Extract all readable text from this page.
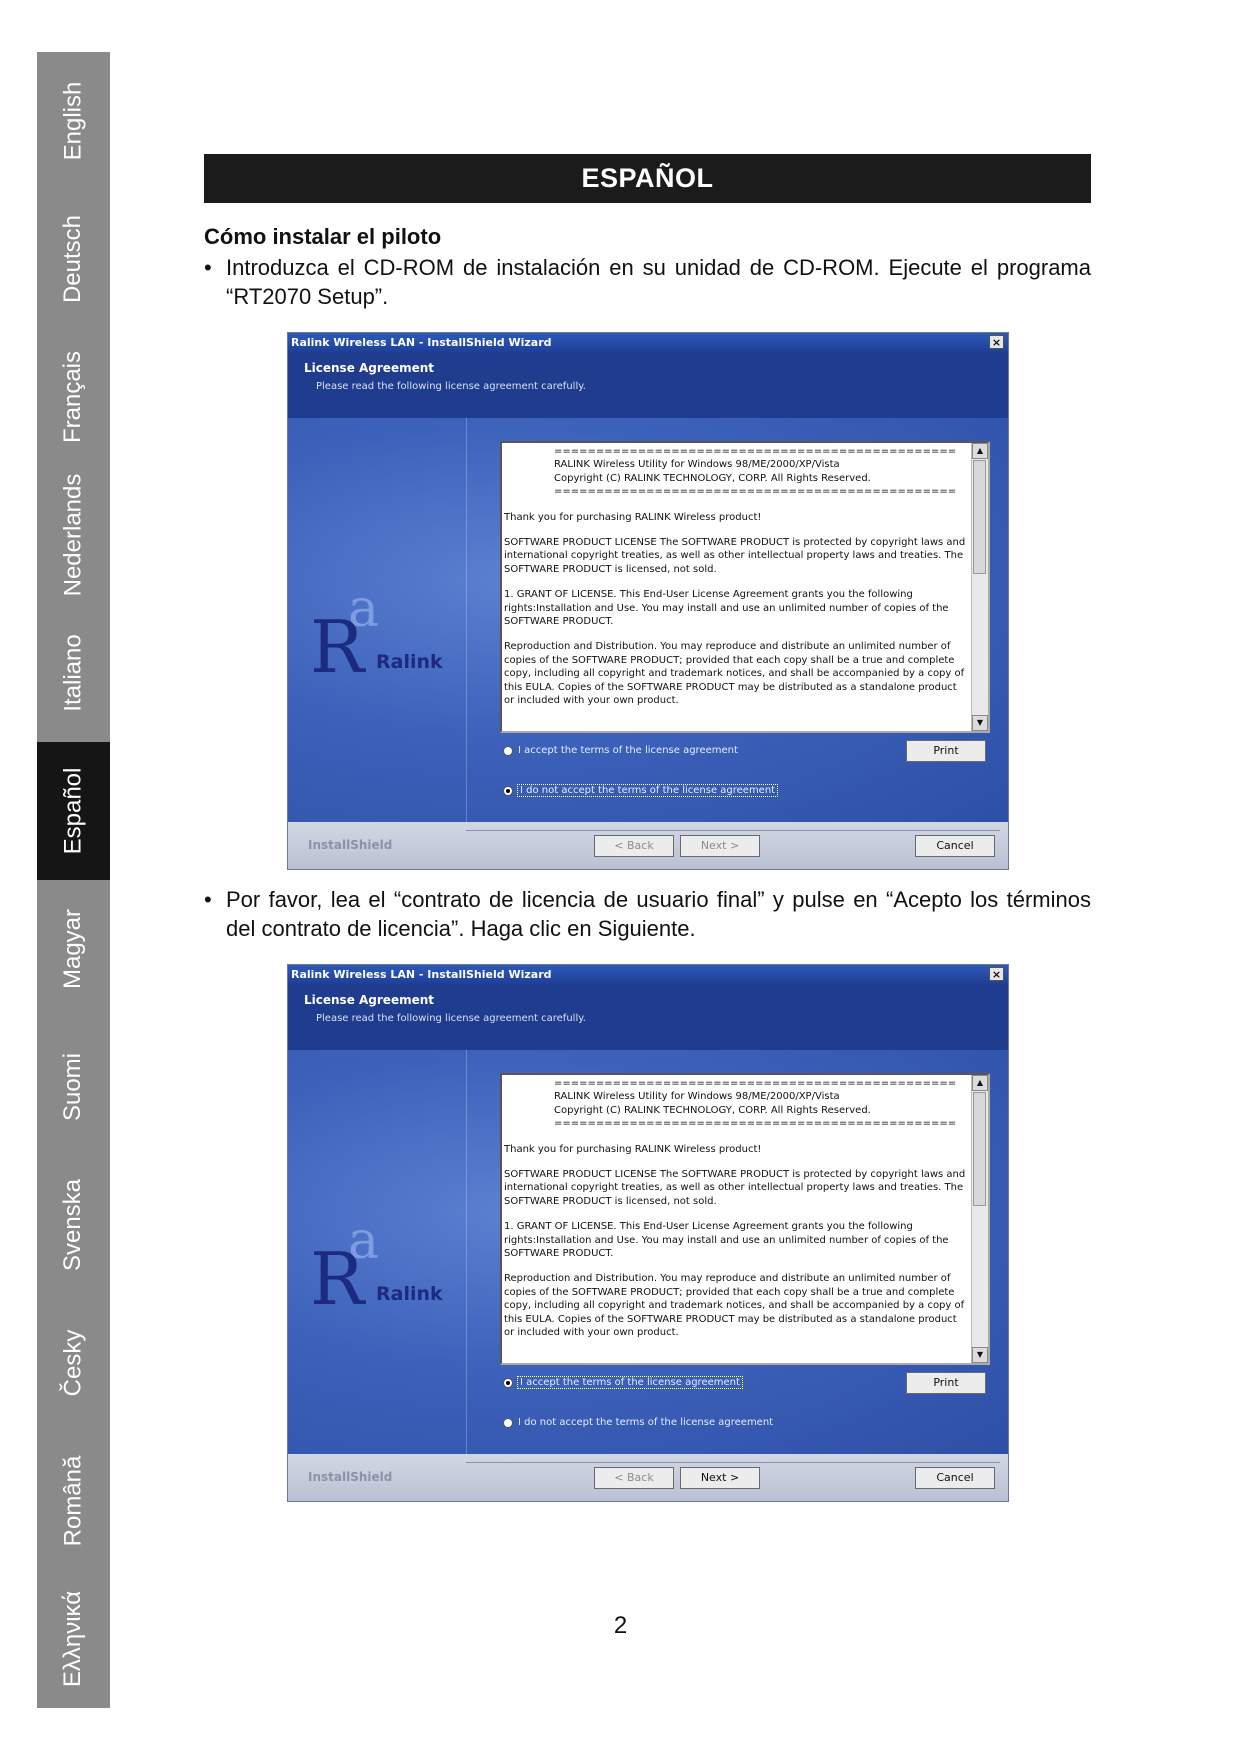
English
Deutsch
Français
Nederlands
Italiano
Español
Magyar
Suomi
Svenska
Česky
Română
Ελληνικά
ESPAÑOL
Cómo instalar el piloto
• Introduzca el CD-ROM de instalación en su unidad de CD-ROM. Ejecute el programa “RT2070 Setup”.
• Por favor, lea el “contrato de licencia de usuario final” y pulse en “Acepto los términos del contrato de licencia”. Haga clic en Siguiente.
Ralink Wireless LAN - InstallShield Wizard	×
License Agreement
Please read the following license agreement carefully.
a
R Ralink
================================================
RALINK Wireless Utility for Windows 98/ME/2000/XP/Vista
Copyright (C) RALINK TECHNOLOGY, CORP. All Rights Reserved.
================================================

Thank you for purchasing RALINK Wireless product!

SOFTWARE PRODUCT LICENSE The SOFTWARE PRODUCT is protected by copyright laws and international copyright treaties, as well as other intellectual property laws and treaties. The SOFTWARE PRODUCT is licensed, not sold.

1. GRANT OF LICENSE. This End-User License Agreement grants you the following rights:Installation and Use. You may install and use an unlimited number of copies of the SOFTWARE PRODUCT.

Reproduction and Distribution. You may reproduce and distribute an unlimited number of copies of the SOFTWARE PRODUCT; provided that each copy shall be a true and complete copy, including all copyright and trademark notices, and shall be accompanied by a copy of this EULA. Copies of the SOFTWARE PRODUCT may be distributed as a standalone product or included with your own product.

▲
▼
I accept the terms of the license agreement
I do not accept the terms of the license agreement
Print
InstallShield	< Back	Next >	Cancel
Ralink Wireless LAN - InstallShield Wizard	×
License Agreement
Please read the following license agreement carefully.
a
R Ralink
================================================
RALINK Wireless Utility for Windows 98/ME/2000/XP/Vista
Copyright (C) RALINK TECHNOLOGY, CORP. All Rights Reserved.
================================================

Thank you for purchasing RALINK Wireless product!

SOFTWARE PRODUCT LICENSE The SOFTWARE PRODUCT is protected by copyright laws and international copyright treaties, as well as other intellectual property laws and treaties. The SOFTWARE PRODUCT is licensed, not sold.

1. GRANT OF LICENSE. This End-User License Agreement grants you the following rights:Installation and Use. You may install and use an unlimited number of copies of the SOFTWARE PRODUCT.

Reproduction and Distribution. You may reproduce and distribute an unlimited number of copies of the SOFTWARE PRODUCT; provided that each copy shall be a true and complete copy, including all copyright and trademark notices, and shall be accompanied by a copy of this EULA. Copies of the SOFTWARE PRODUCT may be distributed as a standalone product or included with your own product.

▲
▼
I accept the terms of the license agreement
I do not accept the terms of the license agreement
Print
InstallShield	< Back	Next >	Cancel
2
